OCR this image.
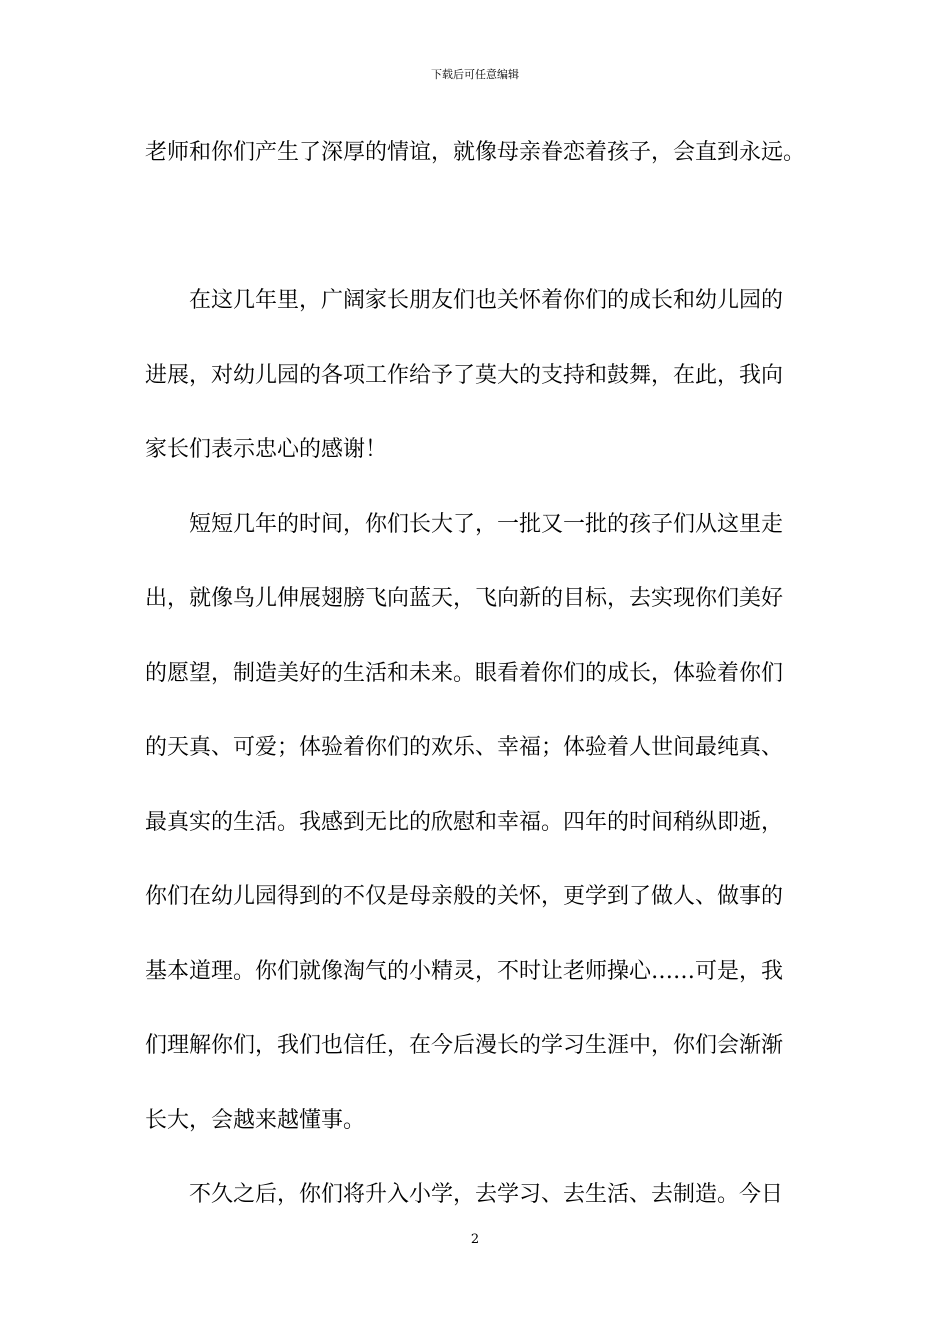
下载后可任意编辑
老师和你们产生了深厚的情谊，就像母亲眷恋着孩子，会直到永远。
　　在这几年里，广阔家长朋友们也关怀着你们的成长和幼儿园的
进展，对幼儿园的各项工作给予了莫大的支持和鼓舞，在此，我向
家长们表示忠心的感谢！
　　短短几年的时间，你们长大了，一批又一批的孩子们从这里走
出，就像鸟儿伸展翅膀飞向蓝天，飞向新的目标，去实现你们美好
的愿望，制造美好的生活和未来。眼看着你们的成长，体验着你们
的天真、可爱；体验着你们的欢乐、幸福；体验着人世间最纯真、
最真实的生活。我感到无比的欣慰和幸福。四年的时间稍纵即逝，
你们在幼儿园得到的不仅是母亲般的关怀，更学到了做人、做事的
基本道理。你们就像淘气的小精灵，不时让老师操心……可是，我
们理解你们，我们也信任，在今后漫长的学习生涯中，你们会渐渐
长大，会越来越懂事。
　　不久之后，你们将升入小学，去学习、去生活、去制造。今日
2
